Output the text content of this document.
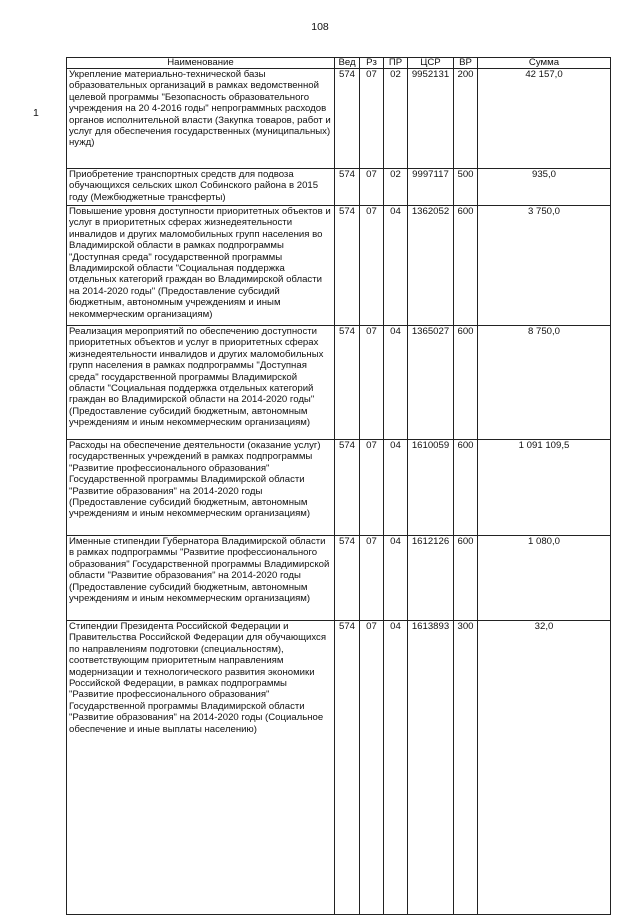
108
1
Наименование	Вед	Рз	ПР	ЦСР	ВР	Сумма
Укрепление материально-технической базы образовательных организаций в рамках ведомственной целевой программы "Безопасность образовательного учреждения на 20 4-2016 годы" непрограммных расходов органов исполнительной власти (Закупка товаров, работ и услуг для обеспечения государственных (муниципальных) нужд)	574	07	02	9952131	200	42 157,0
Приобретение транспортных средств для подвоза обучающихся сельских школ Собинского района в 2015 году (Межбюджетные трансферты)	574	07	02	9997117	500	935,0
Повышение уровня доступности приоритетных объектов и услуг в приоритетных сферах жизнедеятельности инвалидов и других маломобильных групп населения во Владимирской области в рамках подпрограммы "Доступная среда" государственной программы Владимирской области "Социальная поддержка отдельных категорий граждан во Владимирской области на 2014-2020 годы" (Предоставление субсидий бюджетным, автономным учреждениям и иным некоммерческим организациям)	574	07	04	1362052	600	3 750,0
Реализация мероприятий по обеспечению доступности приоритетных объектов и услуг в приоритетных сферах жизнедеятельности инвалидов и других маломобильных групп населения в рамках подпрограммы "Доступная среда" государственной программы Владимирской области "Социальная поддержка отдельных категорий граждан во Владимирской области на 2014-2020 годы" (Предоставление субсидий бюджетным, автономным учреждениям и иным некоммерческим организациям)	574	07	04	1365027	600	8 750,0
Расходы на обеспечение деятельности (оказание услуг) государственных учреждений в рамках подпрограммы "Развитие профессионального образования" Государственной программы Владимирской области "Развитие образования" на 2014-2020 годы (Предоставление субсидий бюджетным, автономным учреждениям и иным некоммерческим организациям)	574	07	04	1610059	600	1 091 109,5
Именные стипендии Губернатора Владимирской области в рамках подпрограммы "Развитие профессионального образования" Государственной программы Владимирской области "Развитие образования" на 2014-2020 годы (Предоставление субсидий бюджетным, автономным учреждениям и иным некоммерческим организациям)	574	07	04	1612126	600	1 080,0
Стипендии Президента Российской Федерации и Правительства Российской Федерации для обучающихся по направлениям подготовки (специальностям), соответствующим приоритетным направлениям модернизации и технологического развития экономики Российской Федерации, в рамках подпрограммы "Развитие профессионального образования" Государственной программы Владимирской области "Развитие образования" на 2014-2020 годы (Социальное обеспечение и иные выплаты населению)	574	07	04	1613893	300	32,0
